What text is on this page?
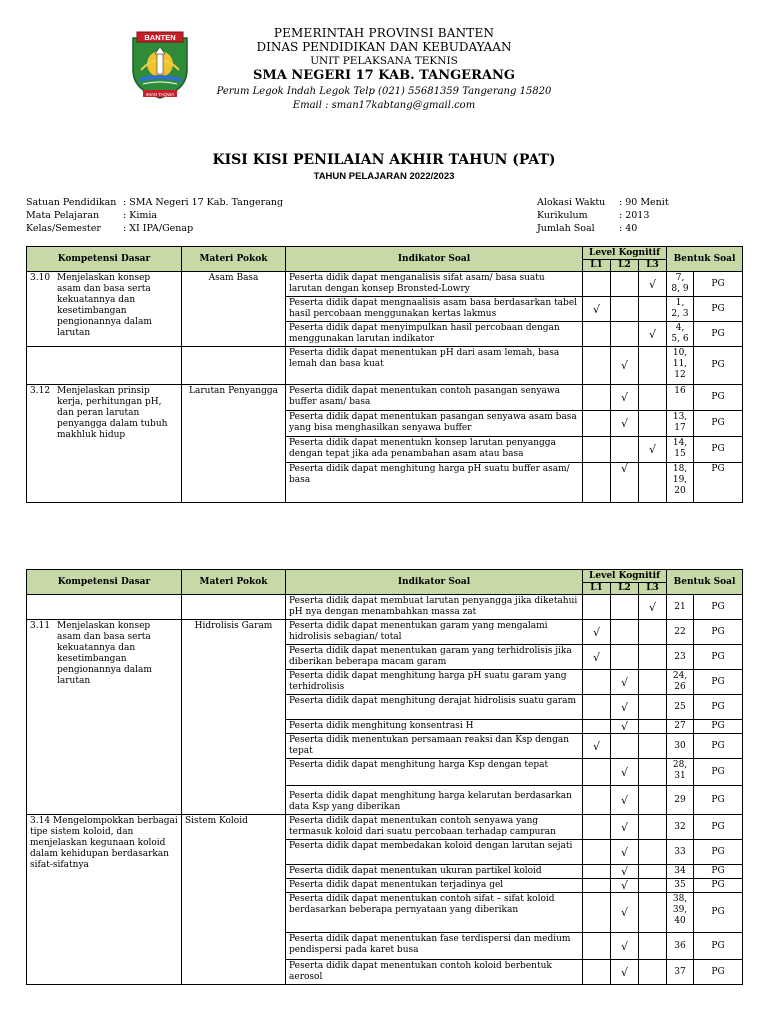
BANTEN
IMAN TAQWA
PEMERINTAH PROVINSI BANTEN
DINAS PENDIDIKAN DAN KEBUDAYAAN
UNIT PELAKSANA TEKNIS
SMA NEGERI 17 KAB. TANGERANG
Perum Legok Indah Legok Telp (021) 55681359 Tangerang 15820
Email : sman17kabtang@gmail.com
KISI KISI PENILAIAN AKHIR TAHUN (PAT)
TAHUN PELAJARAN 2022/2023
Satuan Pendidikan : SMA Negeri 17 Kab. Tangerang
Mata Pelajaran	: Kimia
Kelas/Semester	: XI IPA/Genap
Alokasi Waktu	: 90 Menit
Kurikulum	: 2013
Jumlah Soal	: 40
Kompetensi Dasar	Materi Pokok	Indikator Soal	Level Kognitif			Bentuk Soal	
			L1	L2	L3		
3.10 Menjelaskan konsep asam dan basa serta kekuatannya dan kesetimbangan pengionannya dalam larutan	Asam Basa	Peserta didik dapat menganalisis sifat asam/ basa suatu larutan dengan konsep Bronsted-Lowry			√	7, 8, 9	PG
		Peserta didik dapat mengnaalisis asam basa berdasarkan tabel hasil percobaan menggunakan kertas lakmus	√			1, 2, 3	PG
		Peserta didik dapat menyimpulkan hasil percobaan dengan menggunakan larutan indikator			√	4, 5, 6	PG
		Peserta didik dapat menentukan pH dari asam lemah, basa lemah dan basa kuat		√		10, 11, 12	PG
3.12 Menjelaskan prinsip kerja, perhitungan pH, dan peran larutan penyangga dalam tubuh makhluk hidup	Larutan Penyangga	Peserta didik dapat menentukan contoh pasangan senyawa buffer asam/ basa		√		16	PG
		Peserta didik dapat menentukan pasangan senyawa asam basa yang bisa menghasilkan senyawa buffer		√		13, 17	PG
		Peserta didik dapat menentukn konsep larutan penyangga dengan tepat jika ada penambahan asam atau basa			√	14, 15	PG
		Peserta didik dapat menghitung harga pH suatu buffer asam/ basa		√		18, 19, 20	PG
Kompetensi Dasar	Materi Pokok	Indikator Soal	Level Kognitif			Bentuk Soal	
			L1	L2	L3		
		Peserta didik dapat membuat larutan penyangga jika diketahui pH nya dengan menambahkan massa zat			√	21	PG
3.11 Menjelaskan konsep asam dan basa serta kekuatannya dan kesetimbangan pengionannya dalam larutan	Hidrolisis Garam	Peserta didik dapat menentukan garam yang mengalami hidrolisis sebagian/ total	√			22	PG
		Peserta didik dapat menentukan garam yang terhidrolisis jika diberikan beberapa macam garam	√			23	PG
		Peserta didik dapat menghitung harga pH suatu garam yang terhidrolisis		√		24, 26	PG
		Peserta didik dapat menghitung derajat hidrolisis suatu garam		√		25	PG
		Peserta didik menghitung konsentrasi H		√		27	PG
		Peserta didik menentukan persamaan reaksi dan Ksp dengan tepat	√			30	PG
		Peserta didik dapat menghitung harga Ksp dengan tepat		√		28, 31	PG
		Peserta didik dapat menghitung harga kelarutan berdasarkan data Ksp yang diberikan		√		29	PG
3.14 Mengelompokkan berbagai tipe sistem koloid, dan menjelaskan kegunaan koloid dalam kehidupan berdasarkan sifat-sifatnya	Sistem Koloid	Peserta didik dapat menentukan contoh senyawa yang termasuk koloid dari suatu percobaan terhadap campuran		√		32	PG
		Peserta didik dapat membedakan koloid dengan larutan sejati		√		33	PG
		Peserta didik dapat menentukan ukuran partikel koloid		√		34	PG
		Peserta didik dapat menentukan terjadinya gel		√		35	PG
		Peserta didik dapat menentukan contoh sifat – sifat koloid berdasarkan beberapa pernyataan yang diberikan		√		38, 39, 40	PG
		Peserta didik dapat menentukan fase terdispersi dan medium pendispersi pada karet busa		√		36	PG
		Peserta didik dapat menentukan contoh koloid berbentuk aerosol		√		37	PG
